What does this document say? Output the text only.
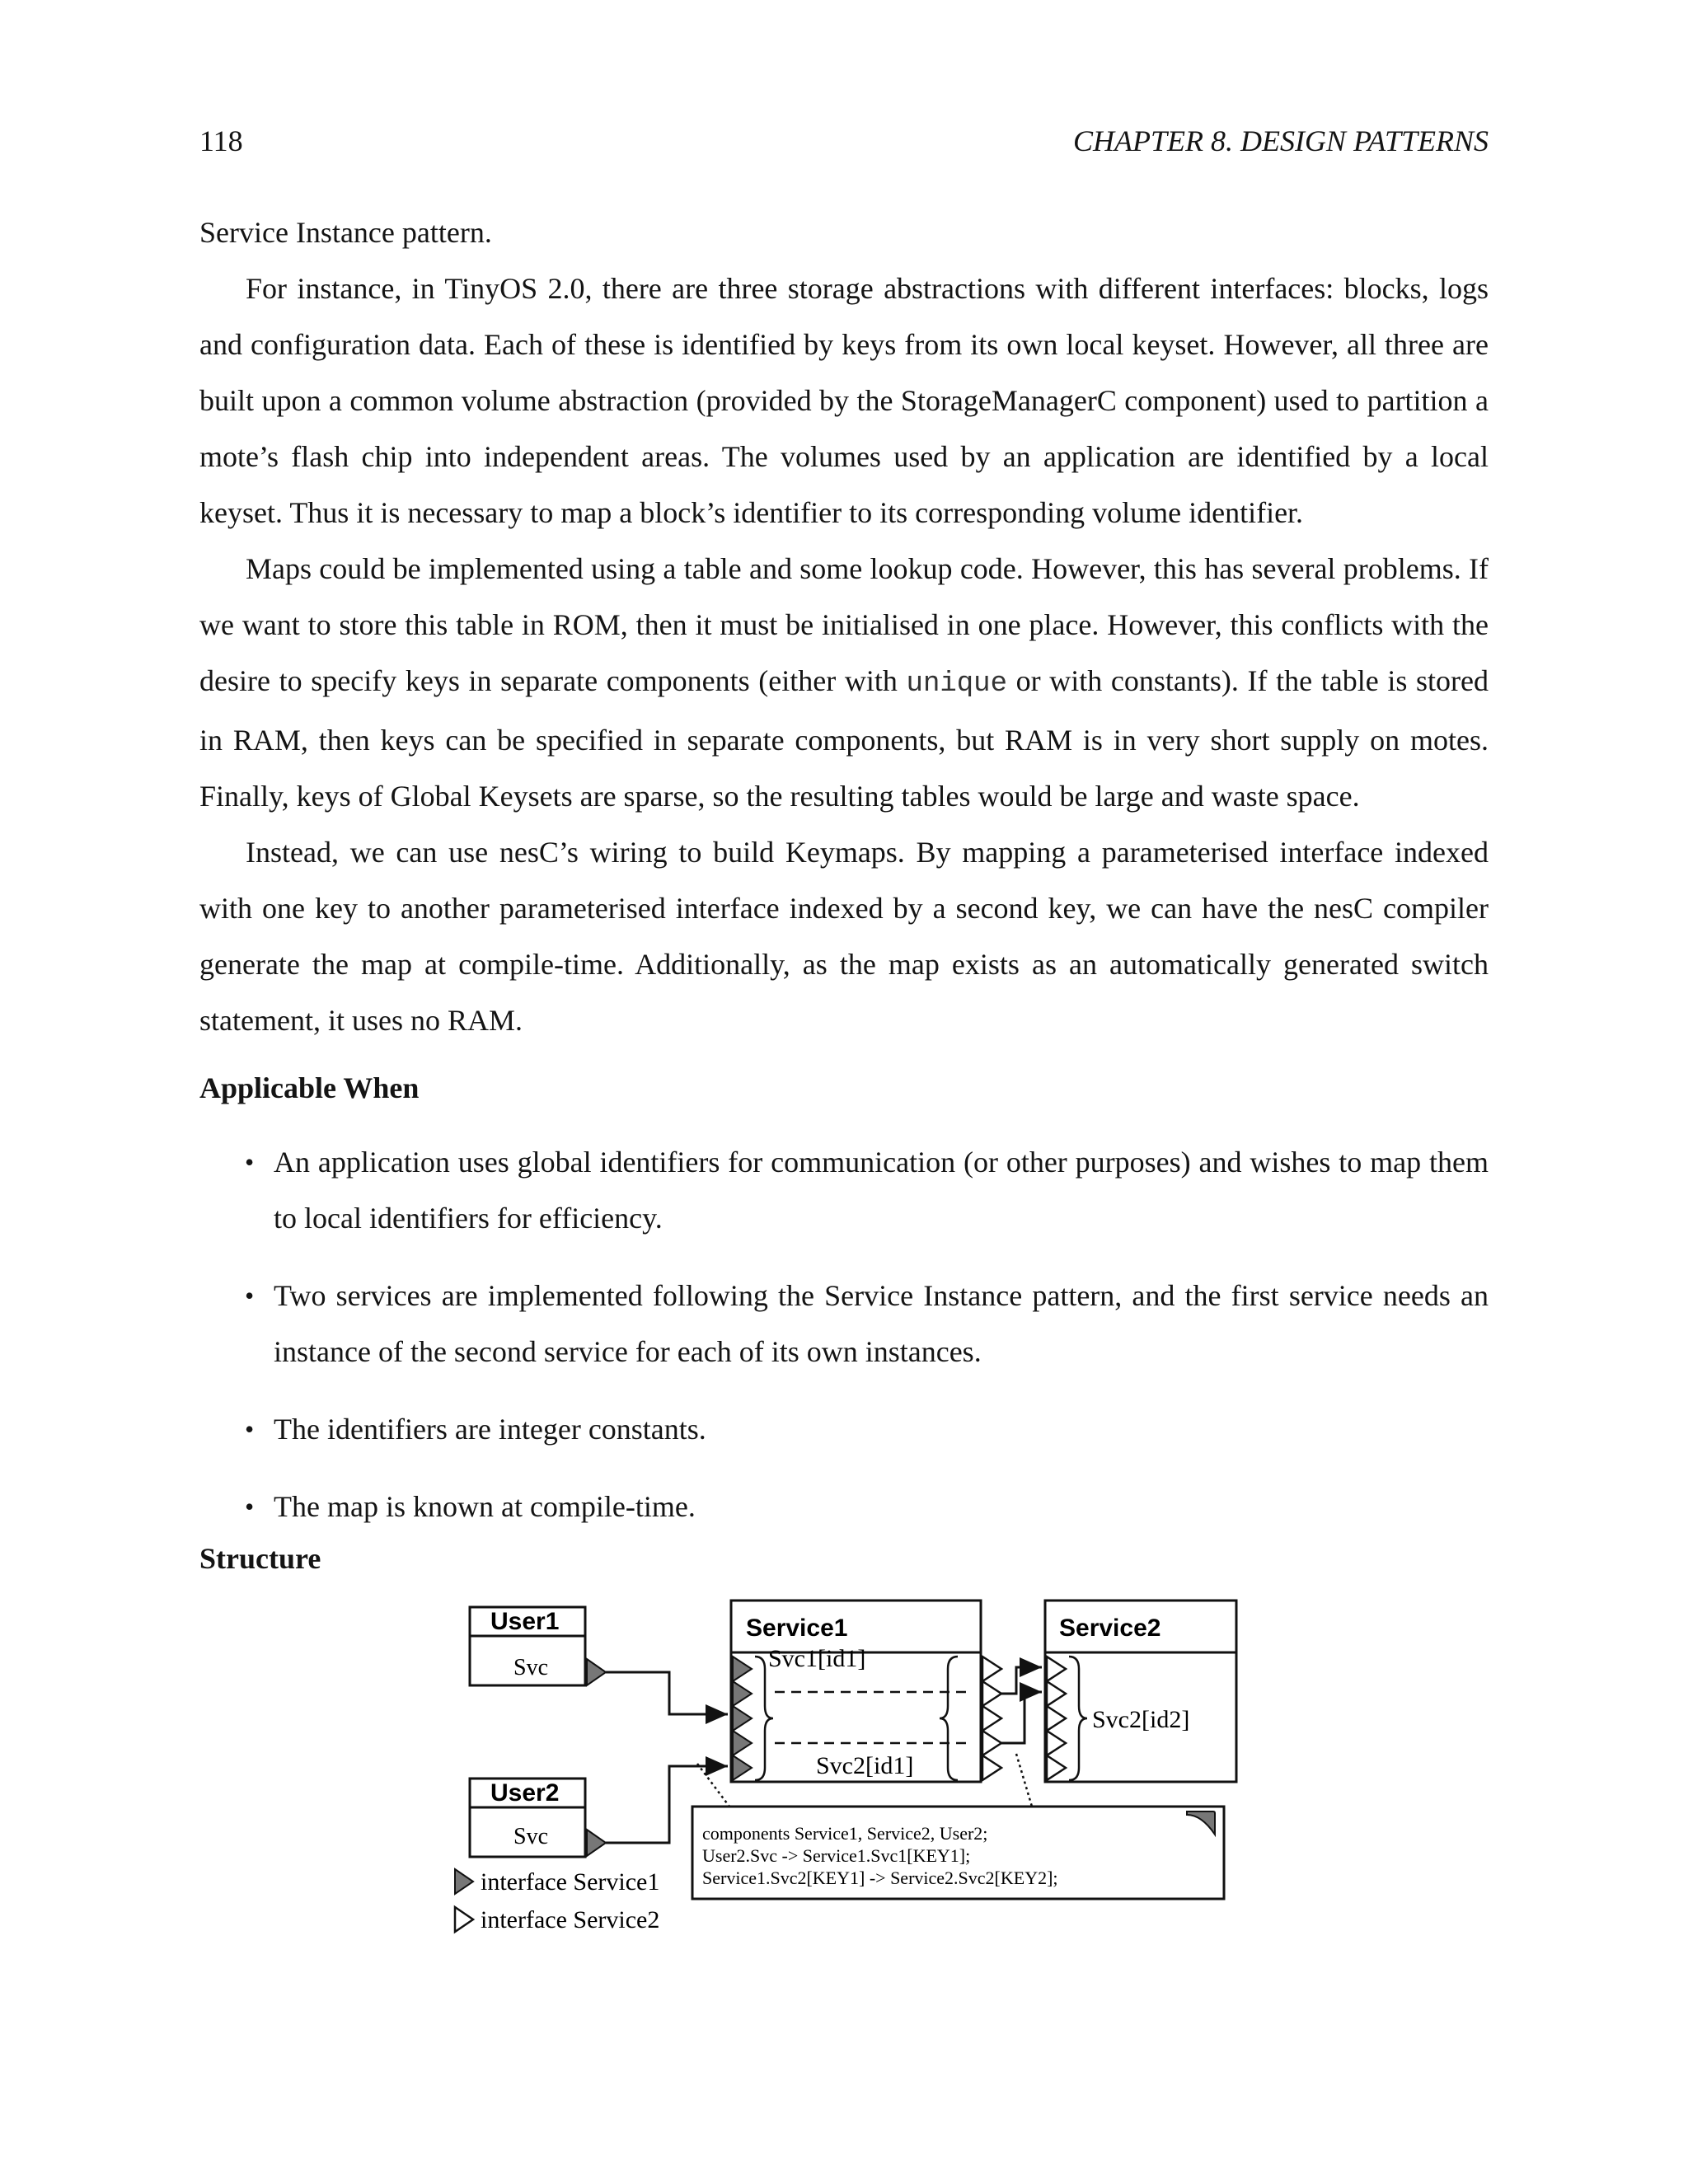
118	CHAPTER 8. DESIGN PATTERNS

Service Instance pattern.

For instance, in TinyOS 2.0, there are three storage abstractions with different interfaces: blocks, logs and configuration data. Each of these is identified by keys from its own local keyset. However, all three are built upon a common volume abstraction (provided by the StorageManagerC component) used to partition a mote’s flash chip into independent areas. The volumes used by an application are identified by a local keyset. Thus it is necessary to map a block’s identifier to its corresponding volume identifier.

Maps could be implemented using a table and some lookup code. However, this has several problems. If we want to store this table in ROM, then it must be initialised in one place. However, this conflicts with the desire to specify keys in separate components (either with unique or with constants). If the table is stored in RAM, then keys can be specified in separate components, but RAM is in very short supply on motes. Finally, keys of Global Keysets are sparse, so the resulting tables would be large and waste space.

Instead, we can use nesC’s wiring to build Keymaps. By mapping a parameterised interface indexed with one key to another parameterised interface indexed by a second key, we can have the nesC compiler generate the map at compile-time. Additionally, as the map exists as an automatically generated switch statement, it uses no RAM.

Applicable When
• An application uses global identifiers for communication (or other purposes) and wishes to map them to local identifiers for efficiency.
• Two services are implemented following the Service Instance pattern, and the first service needs an instance of the second service for each of its own instances.
• The identifiers are integer constants.
• The map is known at compile-time.
Structure
User1
Svc
User2
Svc
Service1
Svc1[id1]
Svc2[id1]
Service2
Svc2[id2]
components Service1, Service2, User2;
User2.Svc -> Service1.Svc1[KEY1];
Service1.Svc2[KEY1] -> Service2.Svc2[KEY2];
interface Service1
interface Service2
